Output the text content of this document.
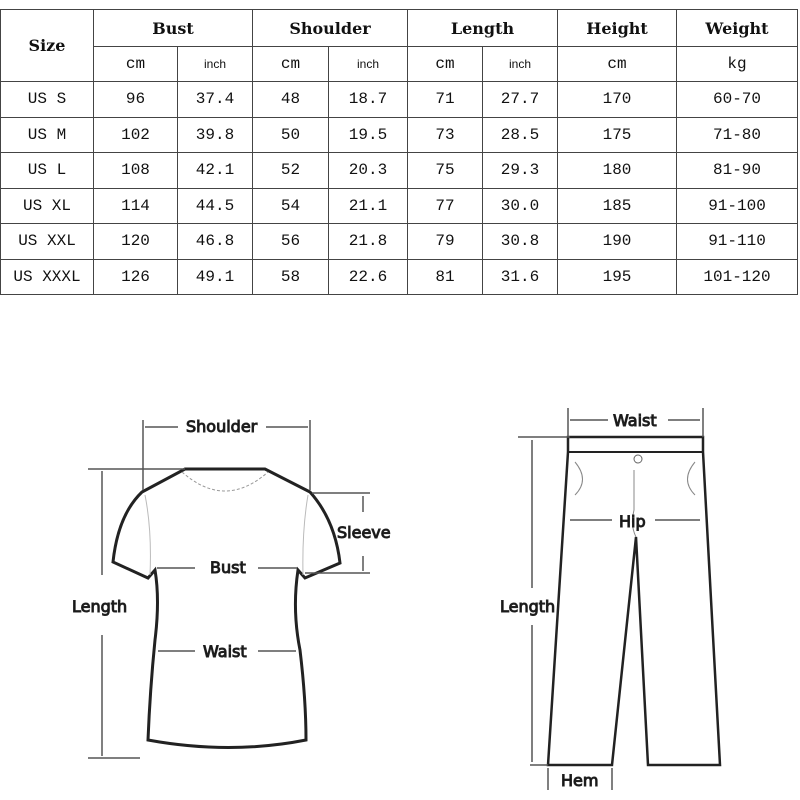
Size	Bust		Shoulder		Length		Height	Weight
	cm	inch	cm	inch	cm	inch	cm	kg
US S	96	37.4	48	18.7	71	27.7	170	60-70
US M	102	39.8	50	19.5	73	28.5	175	71-80
US L	108	42.1	52	20.3	75	29.3	180	81-90
US XL	114	44.5	54	21.1	77	30.0	185	91-100
US XXL	120	46.8	56	21.8	79	30.8	190	91-110
US XXXL	126	49.1	58	22.6	81	31.6	195	101-120
Shoulder
Sleeve
Bust
Length
Waist
Waist
Hip
Length
Hem
